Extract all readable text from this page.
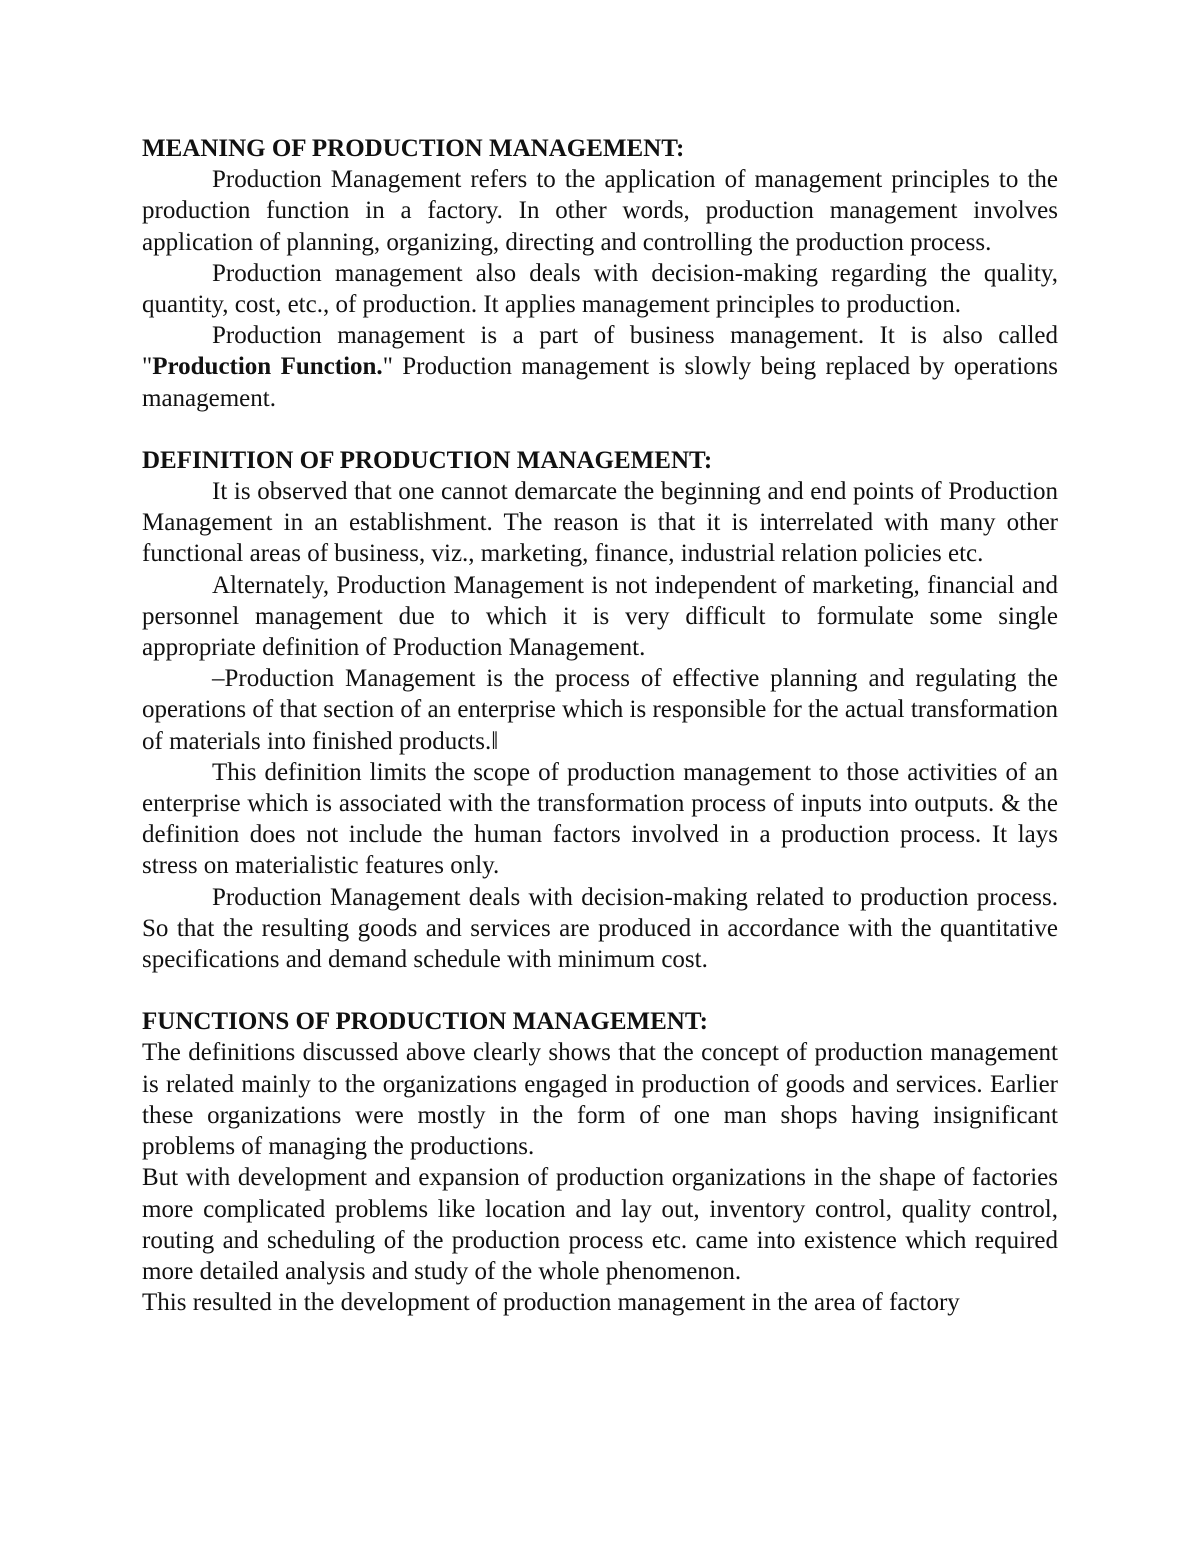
MEANING OF PRODUCTION MANAGEMENT:

Production Management refers to the application of management principles to the production function in a factory. In other words, production management involves application of planning, organizing, directing and controlling the production process.

Production management also deals with decision-making regarding the quality, quantity, cost, etc., of production. It applies management principles to production.

Production management is a part of business management. It is also called "Production Function." Production management is slowly being replaced by operations management.

DEFINITION OF PRODUCTION MANAGEMENT:

It is observed that one cannot demarcate the beginning and end points of Production Management in an establishment. The reason is that it is interrelated with many other functional areas of business, viz., marketing, finance, industrial relation policies etc.

Alternately, Production Management is not independent of marketing, financial and personnel management due to which it is very difficult to formulate some single appropriate definition of Production Management.

–Production Management is the process of effective planning and regulating the operations of that section of an enterprise which is responsible for the actual transformation of materials into finished products.‖

This definition limits the scope of production management to those activities of an enterprise which is associated with the transformation process of inputs into outputs. & the definition does not include the human factors involved in a production process. It lays stress on materialistic features only.

Production Management deals with decision-making related to production process. So that the resulting goods and services are produced in accordance with the quantitative specifications and demand schedule with minimum cost.

FUNCTIONS OF PRODUCTION MANAGEMENT:

The definitions discussed above clearly shows that the concept of production management is related mainly to the organizations engaged in production of goods and services. Earlier these organizations were mostly in the form of one man shops having insignificant problems of managing the productions.

But with development and expansion of production organizations in the shape of factories more complicated problems like location and lay out, inventory control, quality control, routing and scheduling of the production process etc. came into existence which required more detailed analysis and study of the whole phenomenon.

This resulted in the development of production management in the area of factory
